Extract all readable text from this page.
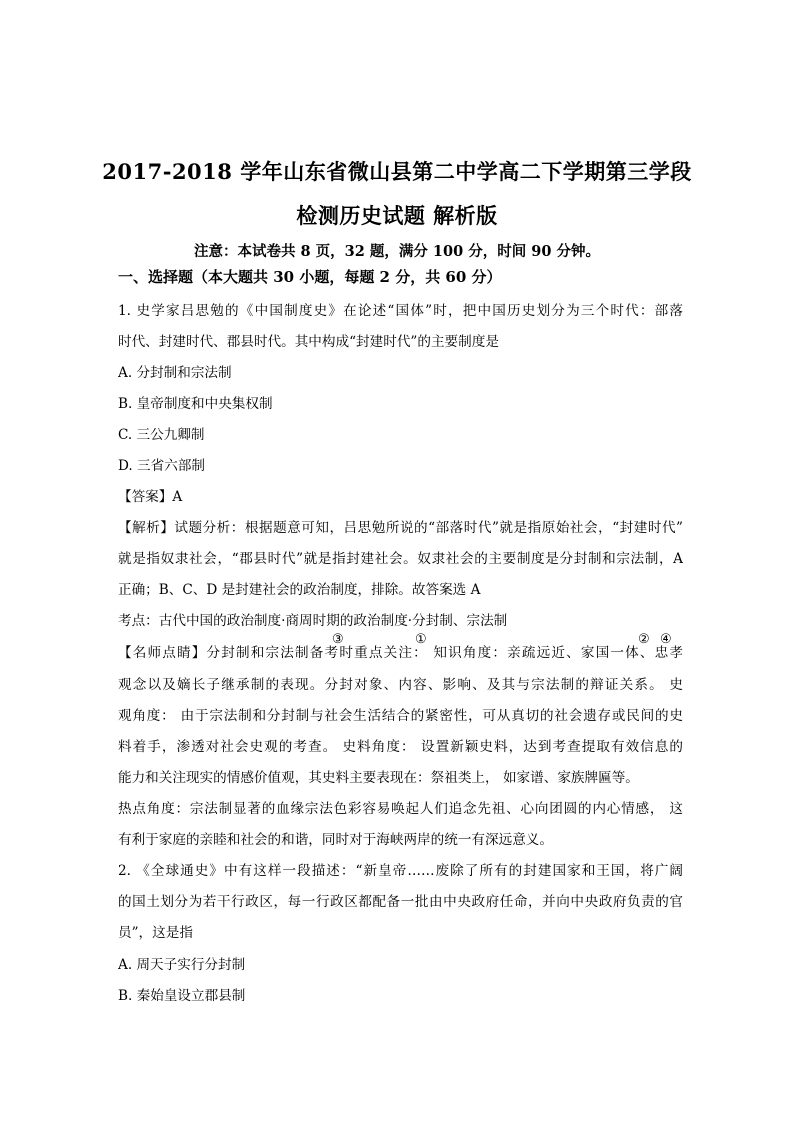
2017-2018 学年山东省微山县第二中学高二下学期第三学段
检测历史试题 解析版
注意：本试卷共 8 页，32 题，满分 100 分，时间 90 分钟。
一、选择题（本大题共 30 小题，每题 2 分，共 60 分）
1. 史学家吕思勉的《中国制度史》在论述“国体”时，把中国历史划分为三个时代：部落
时代、封建时代、郡县时代。其中构成“封建时代”的主要制度是
A. 分封制和宗法制
B. 皇帝制度和中央集权制
C. 三公九卿制
D. 三省六部制
【答案】A
【解析】试题分析：根据题意可知，吕思勉所说的“部落时代”就是指原始社会，“封建时代”
就是指奴隶社会，“郡县时代”就是指封建社会。奴隶社会的主要制度是分封制和宗法制，A
正确；B、C、D 是封建社会的政治制度，排除。故答案选 A
考点：古代中国的政治制度·商周时期的政治制度·分封制、宗法制
【名师点睛】分封制和宗法制备考时重点关注： 知识角度：亲疏远近、家国一体、忠孝
观念以及嫡长子继承制的表现。分封对象、内容、影响、及其与宗法制的辩证关系。 史
观角度： 由于宗法制和分封制与社会生活结合的紧密性，可从真切的社会遗存或民间的史
料着手，渗透对社会史观的考查。 史料角度： 设置新颖史料，达到考查提取有效信息的
能力和关注现实的情感价值观，其史料主要表现在：祭祖类上， 如家谱、家族牌匾等。
热点角度：宗法制显著的血缘宗法色彩容易唤起人们追念先祖、心向团圆的内心情感， 这
有利于家庭的亲睦和社会的和谐，同时对于海峡两岸的统一有深远意义。
2. 《全球通史》中有这样一段描述：“新皇帝……废除了所有的封建国家和王国，将广阔
的国土划分为若干行政区，每一行政区都配备一批由中央政府任命，并向中央政府负责的官
员”，这是指
A. 周天子实行分封制
B. 秦始皇设立郡县制
③	①	② ④
